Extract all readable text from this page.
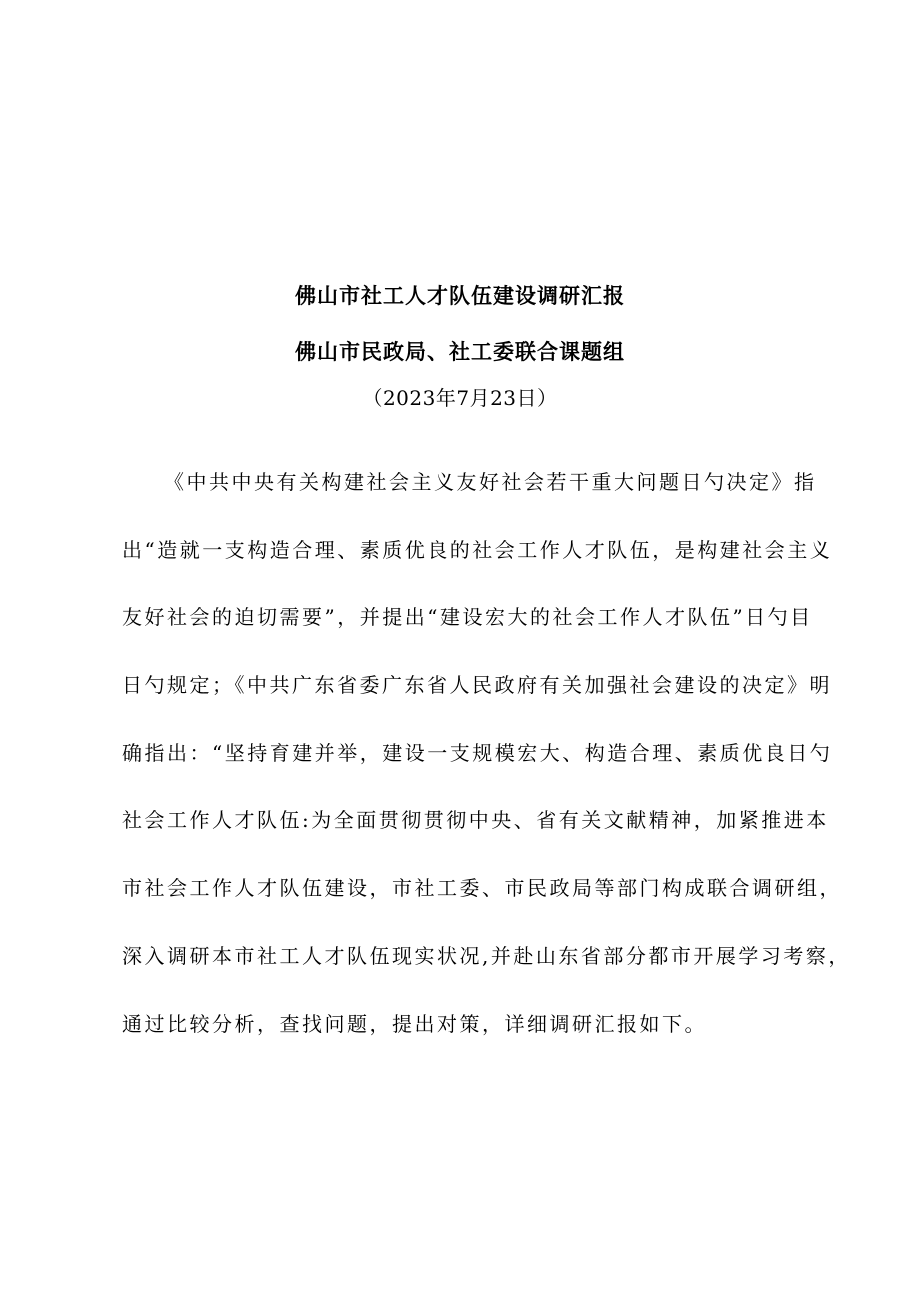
佛山市社工人才队伍建设调研汇报
佛山市民政局、社工委联合课题组
（2023年7月23日）
《中共中央有关构建社会主义友好社会若干重大问题日勺决定》指
出“造就一支构造合理、素质优良的社会工作人才队伍，是构建社会主义
友好社会的迫切需要”，并提出“建设宏大的社会工作人才队伍”日勺目
日勺规定；《中共广东省委广东省人民政府有关加强社会建设的决定》明
确指出：“坚持育建并举，建设一支规模宏大、构造合理、素质优良日勺
社会工作人才队伍:为全面贯彻贯彻中央、省有关文献精神，加紧推进本
市社会工作人才队伍建设，市社工委、市民政局等部门构成联合调研组，
深入调研本市社工人才队伍现实状况,并赴山东省部分都市开展学习考察，
通过比较分析，查找问题，提出对策，详细调研汇报如下。
